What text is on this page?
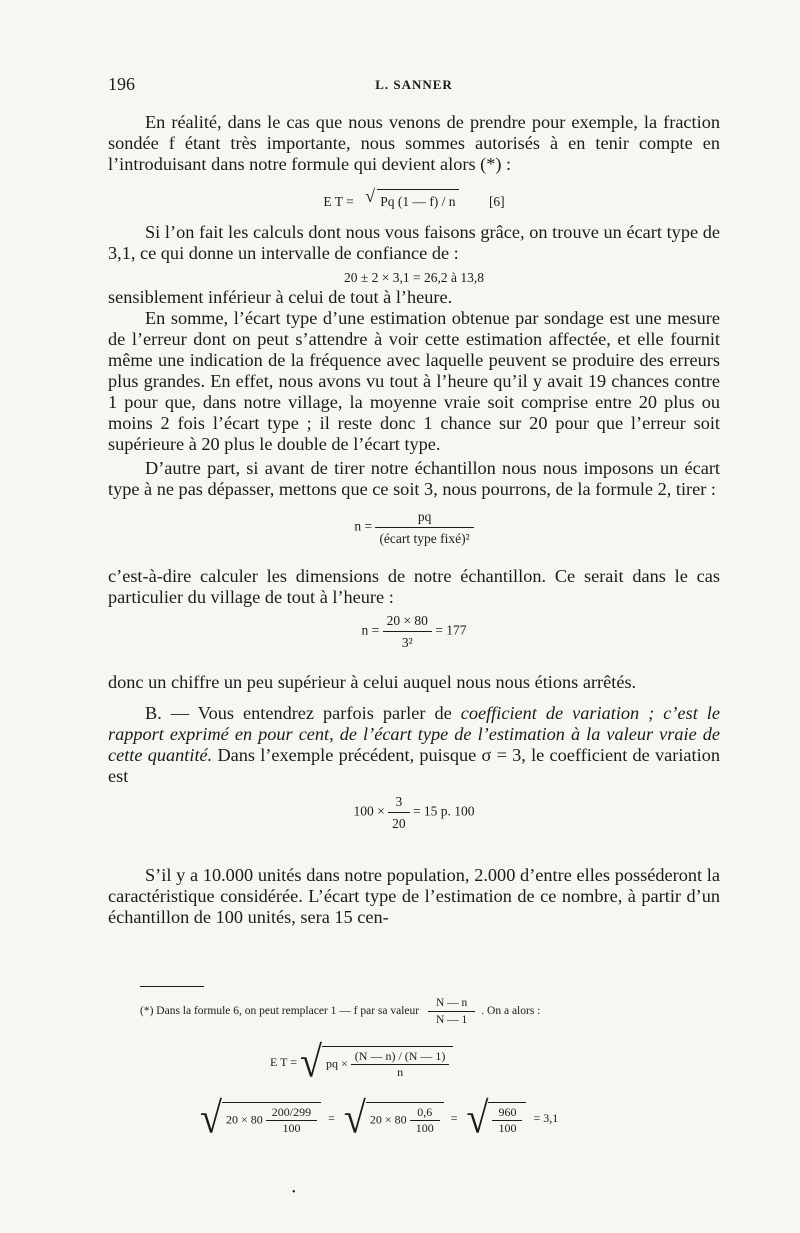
196	L. SANNER

En réalité, dans le cas que nous venons de prendre pour exemple, la fraction sondée f étant très importante, nous sommes autorisés à en tenir compte en l’introduisant dans notre formule qui devient alors (*) :

E T = √ Pq (1 — f) / n [6]

Si l’on fait les calculs dont nous vous faisons grâce, on trouve un écart type de 3,1, ce qui donne un intervalle de confiance de :

20 ± 2 × 3,1 = 26,2 à 13,8

sensiblement inférieur à celui de tout à l’heure.

En somme, l’écart type d’une estimation obtenue par sondage est une mesure de l’erreur dont on peut s’attendre à voir cette estimation affectée, et elle fournit même une indication de la fréquence avec laquelle peuvent se produire des erreurs plus grandes. En effet, nous avons vu tout à l’heure qu’il y avait 19 chances contre 1 pour que, dans notre village, la moyenne vraie soit comprise entre 20 plus ou moins 2 fois l’écart type ; il reste donc 1 chance sur 20 pour que l’erreur soit supérieure à 20 plus le double de l’écart type.

D’autre part, si avant de tirer notre échantillon nous nous imposons un écart type à ne pas dépasser, mettons que ce soit 3, nous pourrons, de la formule 2, tirer :

$n = \frac{pq}{\text{(écart type fixé)²}}$

c’est-à-dire calculer les dimensions de notre échantillon. Ce serait dans le cas particulier du village de tout à l’heure :

$n = \frac{20 \times 80}{\text{3²}} = 177$

donc un chiffre un peu supérieur à celui auquel nous nous étions arrêtés.

B. — Vous entendrez parfois parler de coefficient de variation ; c’est le rapport exprimé en pour cent, de l’écart type de l’estimation à la valeur vraie de cette quantité. Dans l’exemple précédent, puisque σ = 3, le coefficient de variation est

$100 \times \frac{3}{20} = 15$ p. 100

S’il y a 10.000 unités dans notre population, 2.000 d’entre elles posséderont la caractéristique considérée. L’écart type de l’estimation de ce nombre, à partir d’un échantillon de 100 unités, sera 15 cen-

(*) Dans la formule 6, on peut remplacer 1 — f par sa valeur $\frac{N — n}{N — 1}$ . On a alors :
E T = √ pq × $\frac{(N — n) / (N — 1)}{n}$
√ $20 \times 80 \frac{200/299}{100}$ = √ $20 \times 80 \frac{0,6}{100}$ = √ $\frac{960}{100} = 3,1$
•
